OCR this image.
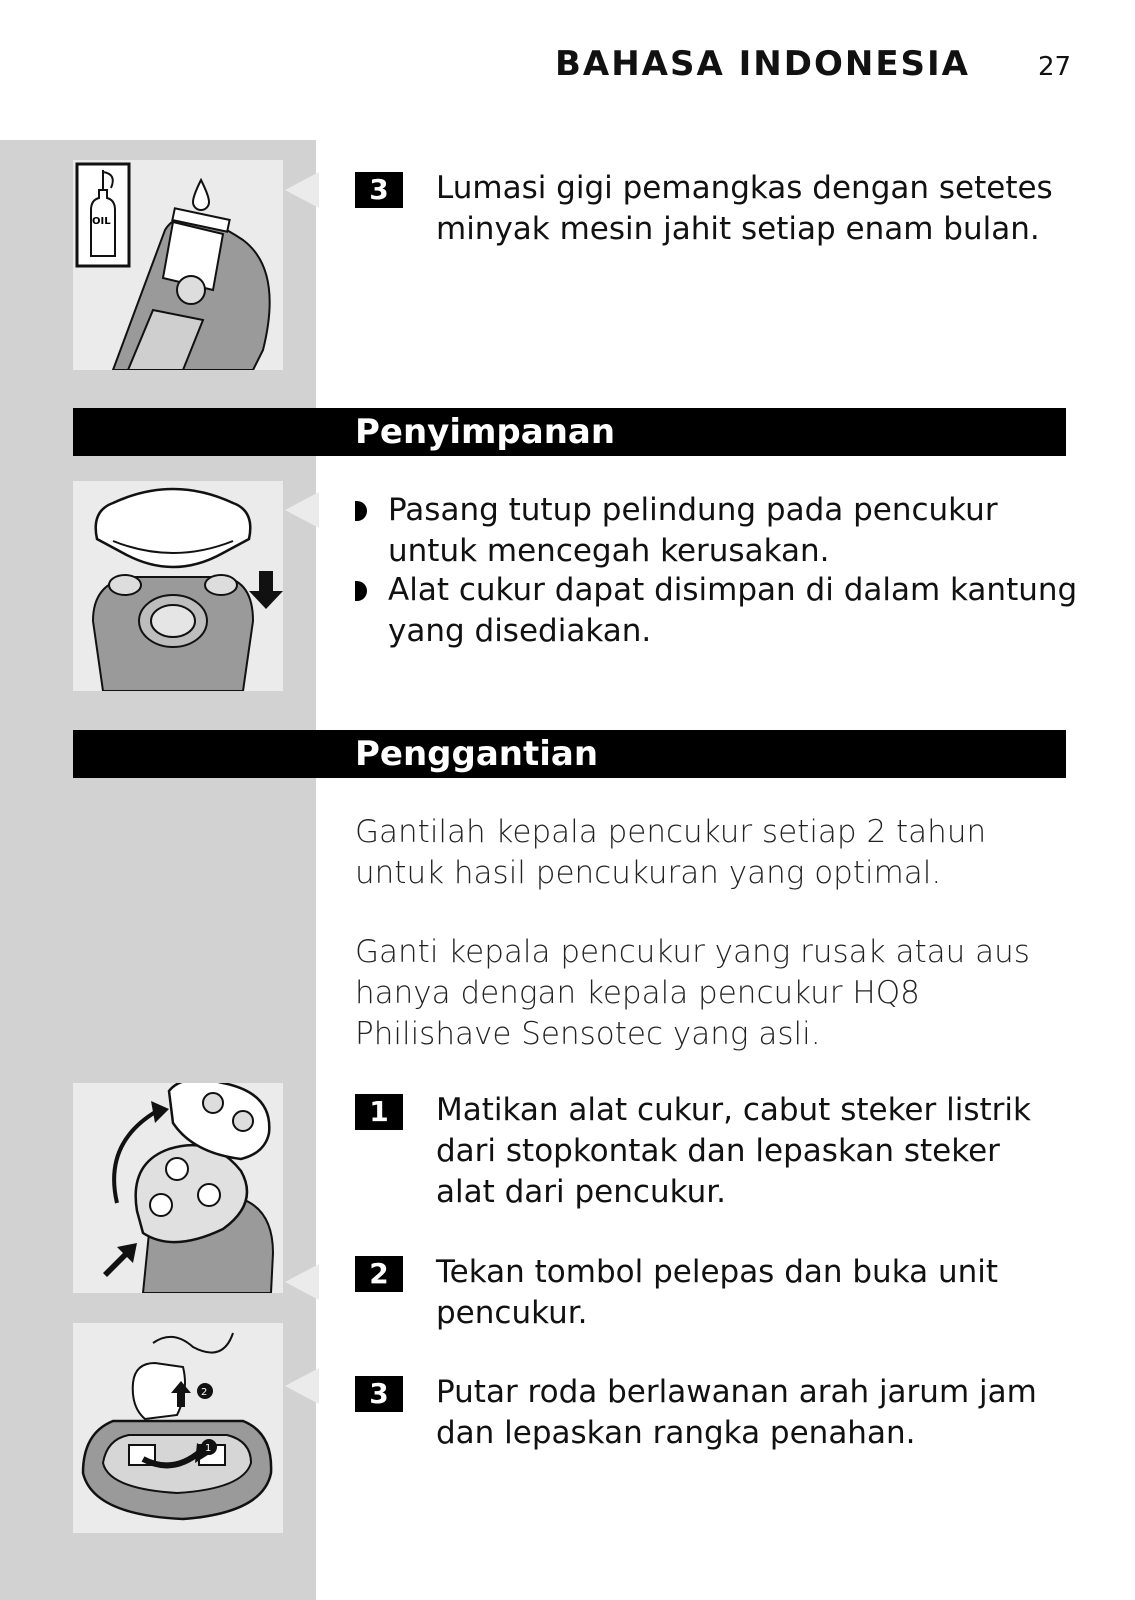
BAHASA INDONESIA	27
OIL
3	Lumasi gigi pemangkas dengan setetes minyak mesin jahit setiap enam bulan.
Penyimpanan
Pasang tutup pelindung pada pencukur untuk mencegah kerusakan.
Alat cukur dapat disimpan di dalam kantung yang disediakan.
Penggantian
Gantilah kepala pencukur setiap 2 tahun untuk hasil pencukuran yang optimal.
Ganti kepala pencukur yang rusak atau aus hanya dengan kepala pencukur HQ8 Philishave Sensotec yang asli.
2
1
1	Matikan alat cukur, cabut steker listrik dari stopkontak dan lepaskan steker alat dari pencukur.
2	Tekan tombol pelepas dan buka unit pencukur.
3	Putar roda berlawanan arah jarum jam dan lepaskan rangka penahan.
